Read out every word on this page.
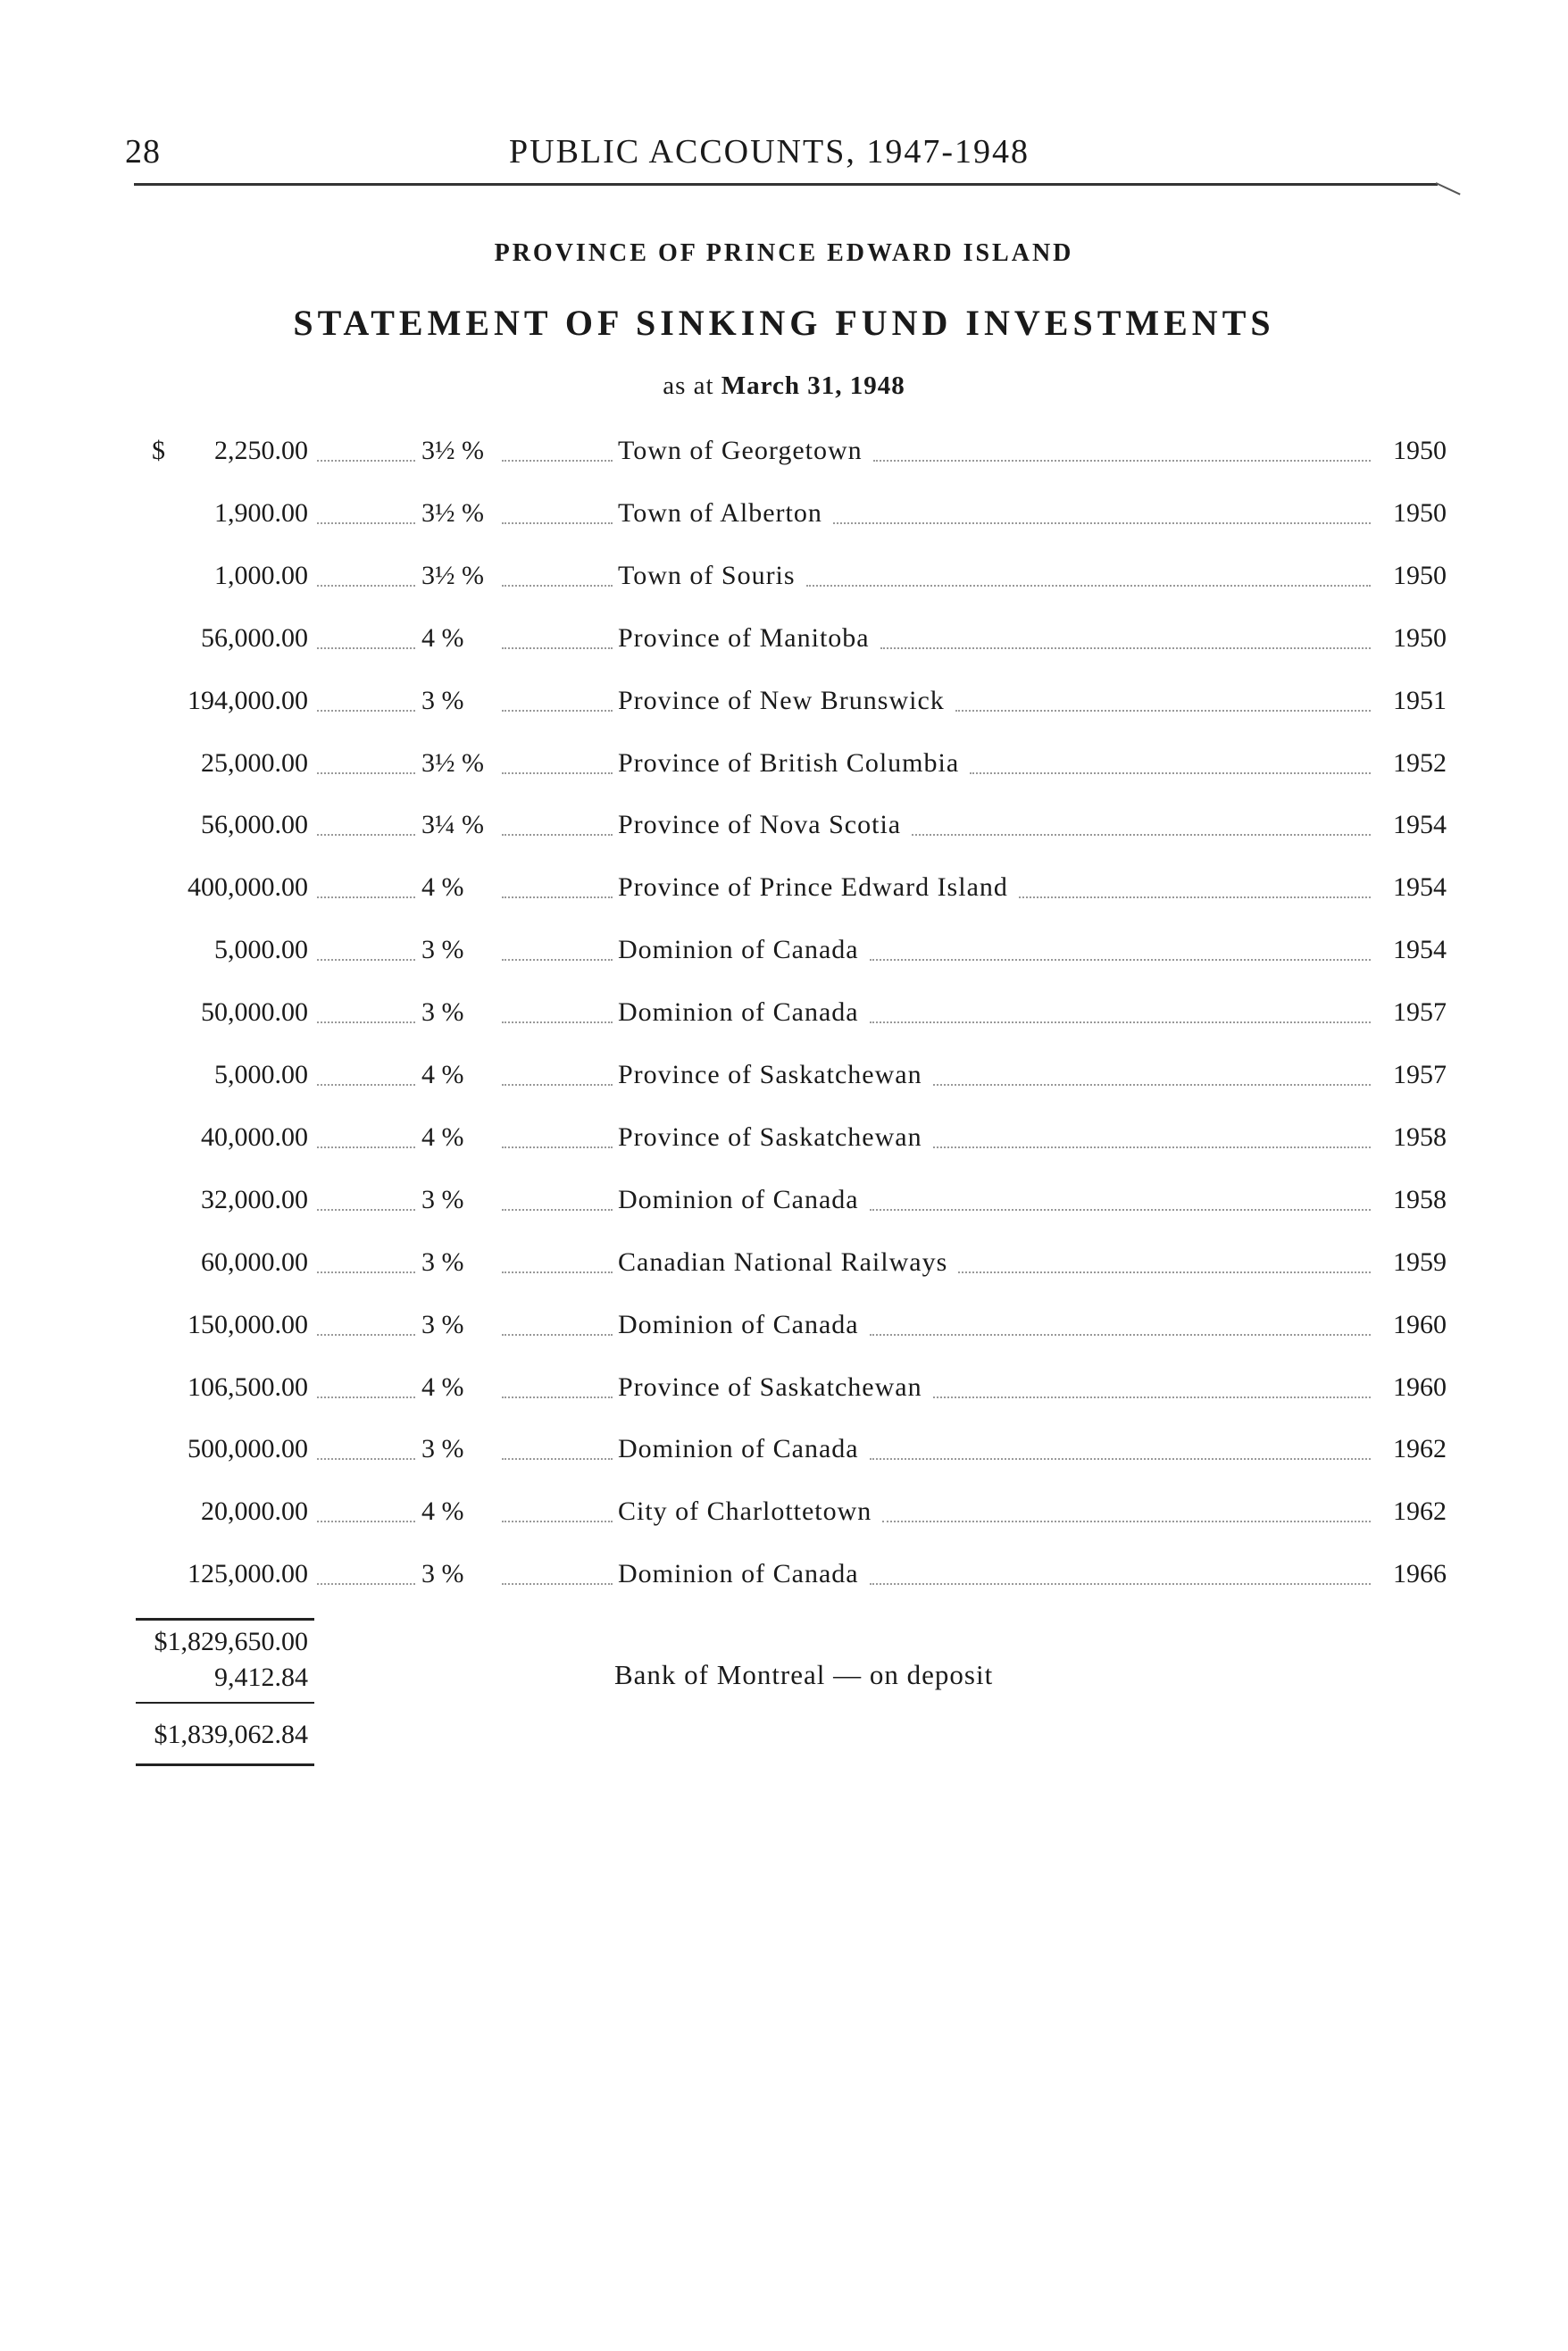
28	PUBLIC ACCOUNTS, 1947-1948
PROVINCE OF PRINCE EDWARD ISLAND
STATEMENT OF SINKING FUND INVESTMENTS
as at March 31, 1948
$	2,250.00	3½ %	Town of Georgetown	1950
1,900.00	3½ %	Town of Alberton	1950
1,000.00	3½ %	Town of Souris	1950
56,000.00	4 %	Province of Manitoba	1950
194,000.00	3 %	Province of New Brunswick	1951
25,000.00	3½ %	Province of British Columbia	1952
56,000.00	3¼ %	Province of Nova Scotia	1954
400,000.00	4 %	Province of Prince Edward Island	1954
5,000.00	3 %	Dominion of Canada	1954
50,000.00	3 %	Dominion of Canada	1957
5,000.00	4 %	Province of Saskatchewan	1957
40,000.00	4 %	Province of Saskatchewan	1958
32,000.00	3 %	Dominion of Canada	1958
60,000.00	3 %	Canadian National Railways	1959
150,000.00	3 %	Dominion of Canada	1960
106,500.00	4 %	Province of Saskatchewan	1960
500,000.00	3 %	Dominion of Canada	1962
20,000.00	4 %	City of Charlottetown	1962
125,000.00	3 %	Dominion of Canada	1966
$1,829,650.00
9,412.84	Bank of Montreal — on deposit
$1,839,062.84
